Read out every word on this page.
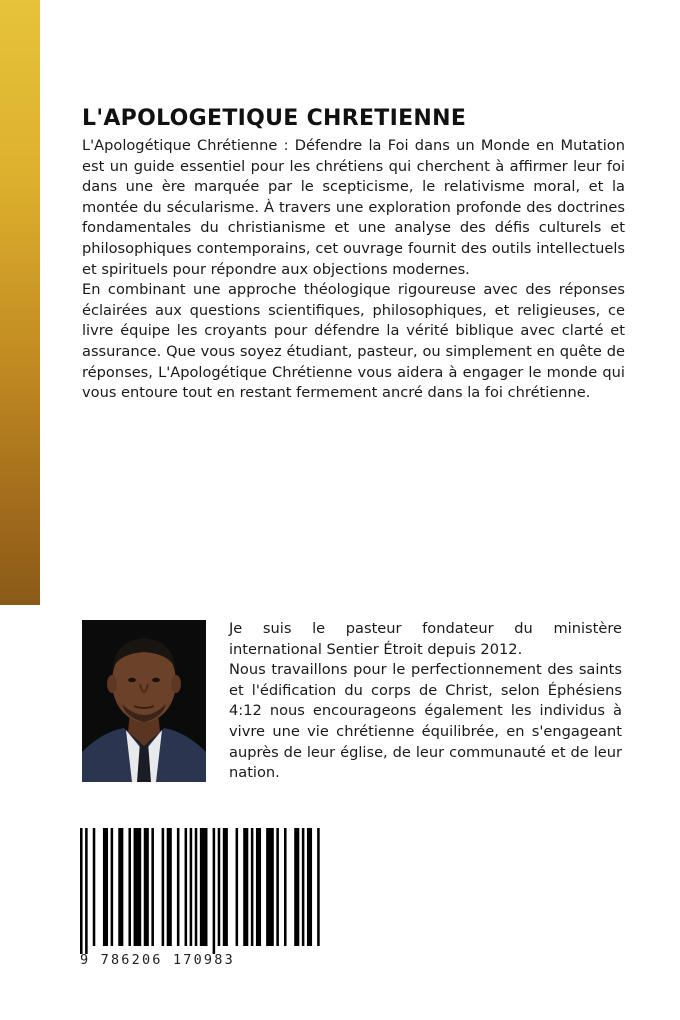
L'APOLOGETIQUE CHRETIENNE

L'Apologétique Chrétienne : Défendre la Foi dans un Monde en Mutation est un guide essentiel pour les chrétiens qui cherchent à affirmer leur foi dans une ère marquée par le scepticisme, le relativisme moral, et la montée du sécularisme. À travers une exploration profonde des doctrines fondamentales du christianisme et une analyse des défis culturels et philosophiques contemporains, cet ouvrage fournit des outils intellectuels et spirituels pour répondre aux objections modernes.

En combinant une approche théologique rigoureuse avec des réponses éclairées aux questions scientifiques, philosophiques, et religieuses, ce livre équipe les croyants pour défendre la vérité biblique avec clarté et assurance. Que vous soyez étudiant, pasteur, ou simplement en quête de réponses, L'Apologétique Chrétienne vous aidera à engager le monde qui vous entoure tout en restant fermement ancré dans la foi chrétienne.

Je suis le pasteur fondateur du ministère international Sentier Étroit depuis 2012.

Nous travaillons pour le perfectionnement des saints et l'édification du corps de Christ, selon Éphésiens 4:12 nous encourageons également les individus à vivre une vie chrétienne équilibrée, en s'engageant auprès de leur église, de leur communauté et de leur nation.

9 786206 170983
